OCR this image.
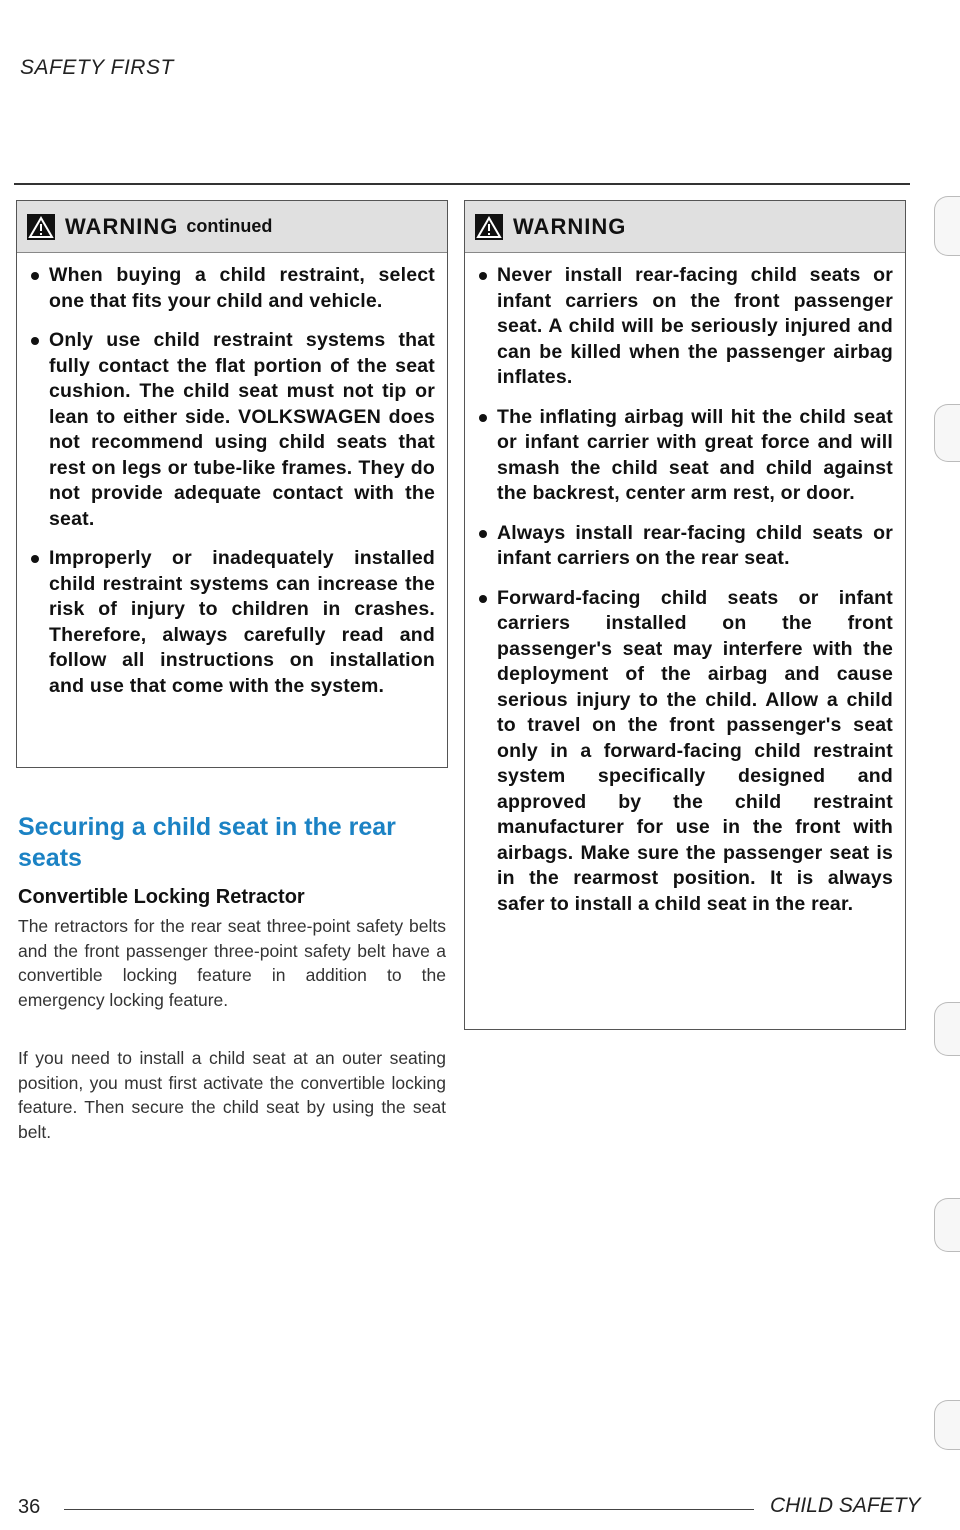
SAFETY FIRST
WARNING continued
When buying a child restraint, select one that fits your child and vehicle.
Only use child restraint systems that fully contact the flat portion of the seat cushion. The child seat must not tip or lean to either side. VOLKSWAGEN does not recommend using child seats that rest on legs or tube-like frames. They do not provide adequate contact with the seat.
Improperly or inadequately installed child restraint systems can increase the risk of injury to children in crashes. Therefore, always carefully read and follow all instructions on installation and use that come with the system.
Securing a child seat in the rear seats
Convertible Locking Retractor
The retractors for the rear seat three-point safety belts and the front passenger three-point safety belt have a convertible locking feature in addition to the emergency locking feature.
If you need to install a child seat at an outer seating position, you must first activate the convertible locking feature. Then secure the child seat by using the seat belt.
WARNING
Never install rear-facing child seats or infant carriers on the front passenger seat. A child will be seriously injured and can be killed when the passenger airbag inflates.
The inflating airbag will hit the child seat or infant carrier with great force and will smash the child seat and child against the backrest, center arm rest, or door.
Always install rear-facing child seats or infant carriers on the rear seat.
Forward-facing child seats or infant carriers installed on the front passenger's seat may interfere with the deployment of the airbag and cause serious injury to the child. Allow a child to travel on the front passenger's seat only in a forward-facing child restraint system specifically designed and approved by the child restraint manufacturer for use in the front with airbags. Make sure the passenger seat is in the rearmost position. It is always safer to install a child seat in the rear.
36	CHILD SAFETY
